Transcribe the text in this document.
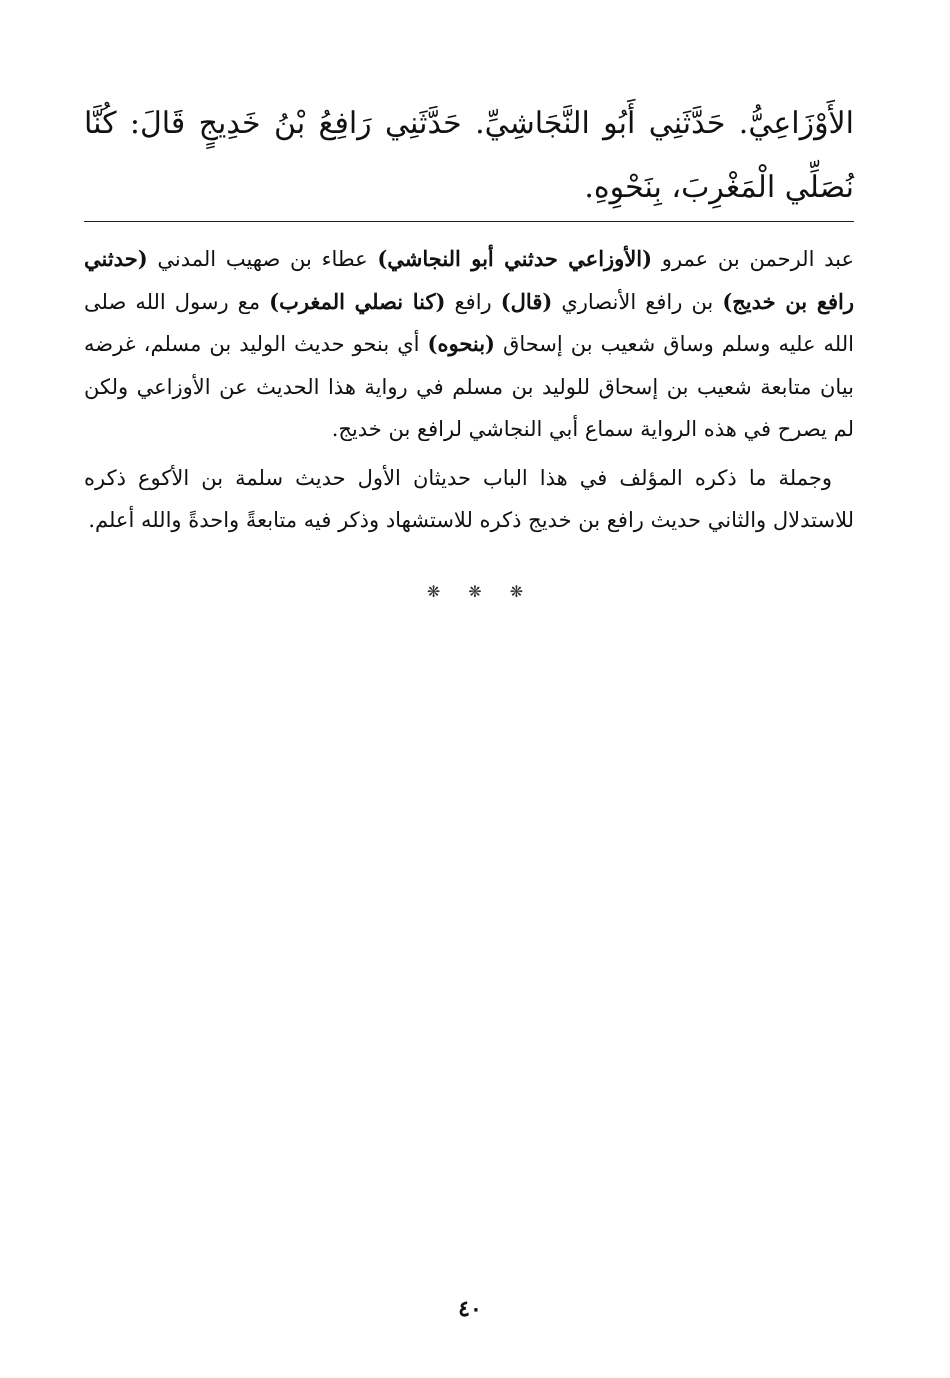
الأَوْزَاعِيُّ. حَدَّثَنِي أَبُو النَّجَاشِيِّ. حَدَّثَنِي رَافِعُ بْنُ خَدِيجٍ قَالَ: كُنَّا نُصَلِّي الْمَغْرِبَ، بِنَحْوِهِ.

عبد الرحمن بن عمرو (الأوزاعي حدثني أبو النجاشي) عطاء بن صهيب المدني (حدثني رافع بن خديج) بن رافع الأنصاري (قال) رافع (كنا نصلي المغرب) مع رسول الله صلى الله عليه وسلم وساق شعيب بن إسحاق (بنحوه) أي بنحو حديث الوليد بن مسلم، غرضه بيان متابعة شعيب بن إسحاق للوليد بن مسلم في رواية هذا الحديث عن الأوزاعي ولكن لم يصرح في هذه الرواية سماع أبي النجاشي لرافع بن خديج.

وجملة ما ذكره المؤلف في هذا الباب حديثان الأول حديث سلمة بن الأكوع ذكره للاستدلال والثاني حديث رافع بن خديج ذكره للاستشهاد وذكر فيه متابعةً واحدةً والله أعلم.

❋ ❋ ❋
٤٠
